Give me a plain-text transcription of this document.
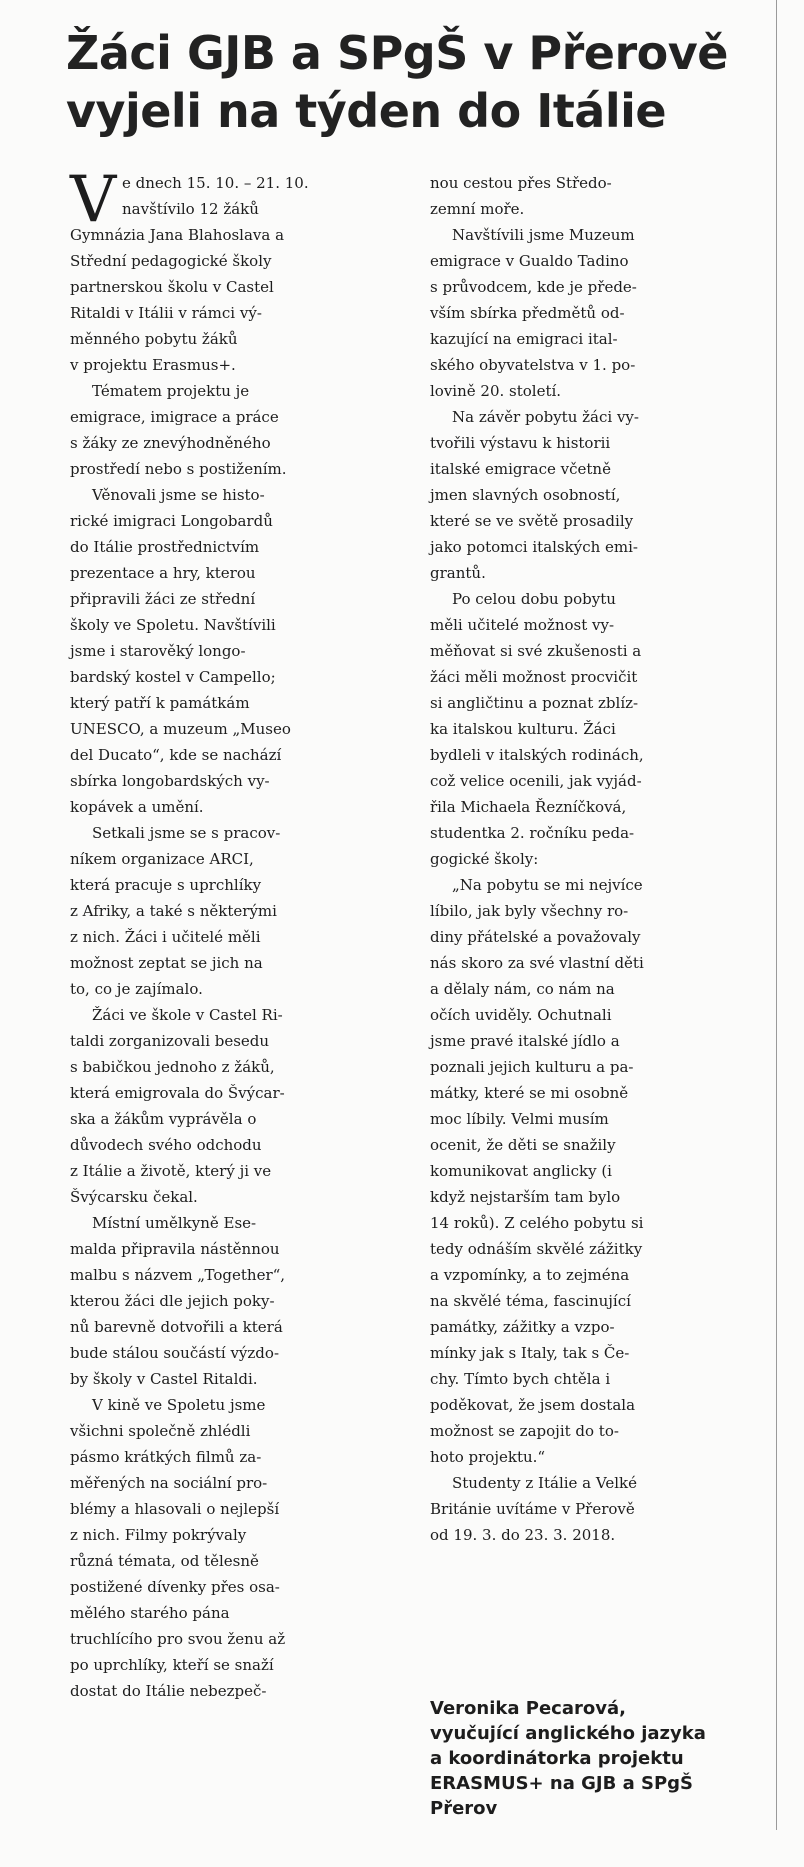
Žáci GJB a SPgŠ v Přerově
vyjeli na týden do Itálie
V e dnech 15. 10. – 21. 10.
navštívilo 12 žáků
Gymnázia Jana Blahoslava a
Střední pedagogické školy
partnerskou školu v Castel
Ritaldi v Itálii v rámci vý-
měnného pobytu žáků
v projektu Erasmus+.
Tématem projektu je
emigrace, imigrace a práce
s žáky ze znevýhodněného
prostředí nebo s postižením.
Věnovali jsme se histo-
rické imigraci Longobardů
do Itálie prostřednictvím
prezentace a hry, kterou
připravili žáci ze střední
školy ve Spoletu. Navštívili
jsme i starověký longo-
bardský kostel v Campello;
který patří k památkám
UNESCO, a muzeum „Museo
del Ducato“, kde se nachází
sbírka longobardských vy-
kopávek a umění.
Setkali jsme se s pracov-
níkem organizace ARCI,
která pracuje s uprchlíky
z Afriky, a také s některými
z nich. Žáci i učitelé měli
možnost zeptat se jich na
to, co je zajímalo.
Žáci ve škole v Castel Ri-
taldi zorganizovali besedu
s babičkou jednoho z žáků,
která emigrovala do Švýcar-
ska a žákům vyprávěla o
důvodech svého odchodu
z Itálie a životě, který ji ve
Švýcarsku čekal.
Místní umělkyně Ese-
malda připravila nástěnnou
malbu s názvem „Together“,
kterou žáci dle jejich poky-
nů barevně dotvořili a která
bude stálou součástí výzdo-
by školy v Castel Ritaldi.
V kině ve Spoletu jsme
všichni společně zhlédli
pásmo krátkých filmů za-
měřených na sociální pro-
blémy a hlasovali o nejlepší
z nich. Filmy pokrývaly
různá témata, od tělesně
postižené dívenky přes osa-
mělého starého pána
truchlícího pro svou ženu až
po uprchlíky, kteří se snaží
dostat do Itálie nebezpeč-
nou cestou přes Středo-
zemní moře.
Navštívili jsme Muzeum
emigrace v Gualdo Tadino
s průvodcem, kde je přede-
vším sbírka předmětů od-
kazující na emigraci ital-
ského obyvatelstva v 1. po-
lovině 20. století.
Na závěr pobytu žáci vy-
tvořili výstavu k historii
italské emigrace včetně
jmen slavných osobností,
které se ve světě prosadily
jako potomci italských emi-
grantů.
Po celou dobu pobytu
měli učitelé možnost vy-
měňovat si své zkušenosti a
žáci měli možnost procvičit
si angličtinu a poznat zblíz-
ka italskou kulturu. Žáci
bydleli v italských rodinách,
což velice ocenili, jak vyjád-
řila Michaela Řezníčková,
studentka 2. ročníku peda-
gogické školy:
„Na pobytu se mi nejvíce
líbilo, jak byly všechny ro-
diny přátelské a považovaly
nás skoro za své vlastní děti
a dělaly nám, co nám na
očích uviděly. Ochutnali
jsme pravé italské jídlo a
poznali jejich kulturu a pa-
mátky, které se mi osobně
moc líbily. Velmi musím
ocenit, že děti se snažily
komunikovat anglicky (i
když nejstarším tam bylo
14 roků). Z celého pobytu si
tedy odnáším skvělé zážitky
a vzpomínky, a to zejména
na skvělé téma, fascinující
památky, zážitky a vzpo-
mínky jak s Italy, tak s Če-
chy. Tímto bych chtěla i
poděkovat, že jsem dostala
možnost se zapojit do to-
hoto projektu.“
Studenty z Itálie a Velké
Británie uvítáme v Přerově
od 19. 3. do 23. 3. 2018.
Veronika Pecarová,
vyučující anglického jazyka
a koordinátorka projektu
ERASMUS+ na GJB a SPgŠ
Přerov
